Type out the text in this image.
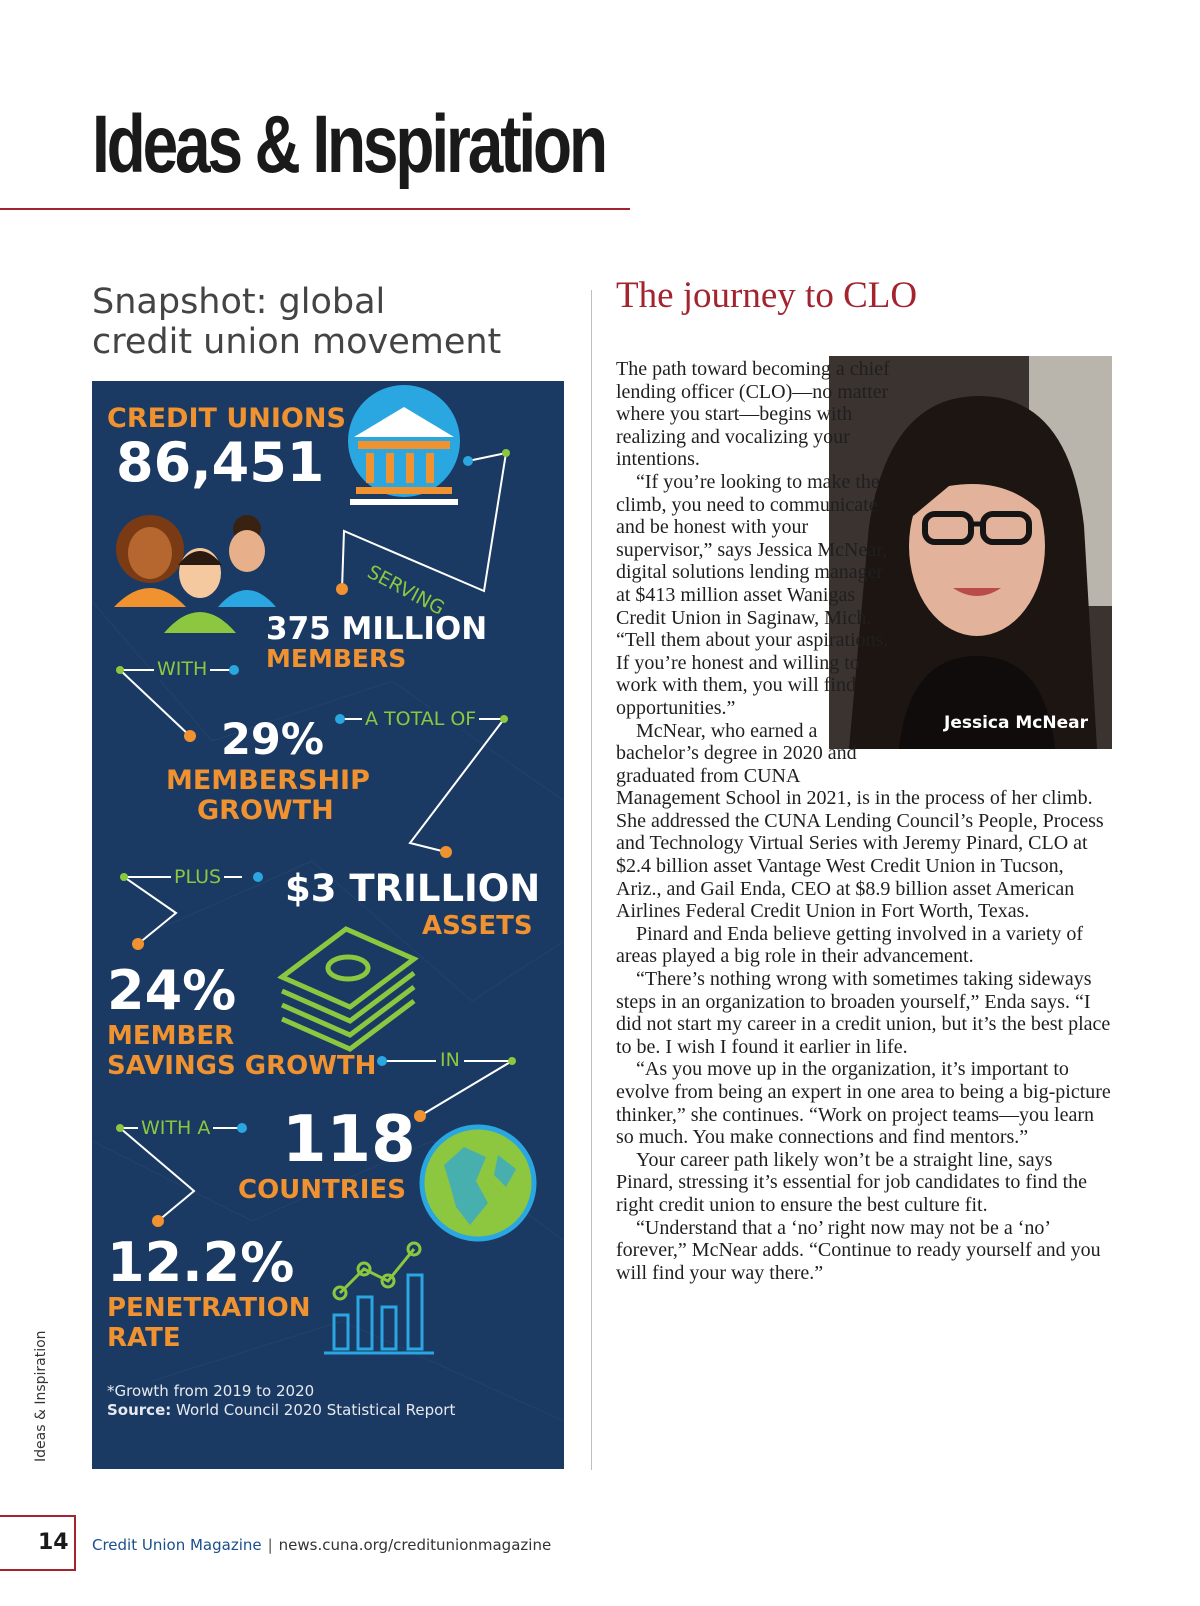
Ideas & Inspiration
Snapshot: global
credit union movement
CREDIT UNIONS
86,451
SERVING
375 MILLION
MEMBERS
WITH
A TOTAL OF
29%
MEMBERSHIP
GROWTH
PLUS $3 TRILLION
ASSETS
24%
MEMBER
SAVINGS GROWTH	IN
WITH A 118
COUNTRIES
12.2%
PENETRATION
RATE
*Growth from 2019 to 2020
Source: World Council 2020 Statistical Report
The journey to CLO
Jessica McNear

The path toward becoming a chief lending officer (CLO)—no matter where you start—begins with realizing and vocalizing your intentions.

“If you’re looking to make the climb, you need to communicate and be honest with your supervisor,” says Jessica McNear, digital solutions lending manager at $413 million asset Wanigas Credit Union in Saginaw, Mich. “Tell them about your aspirations. If you’re honest and willing to work with them, you will find opportunities.”

McNear, who earned a bachelor’s degree in 2020 and graduated from CUNA Management School in 2021, is in the process of her climb. She addressed the CUNA Lending Council’s People, Process and Technology Virtual Series with Jeremy Pinard, CLO at $2.4 billion asset Vantage West Credit Union in Tucson, Ariz., and Gail Enda, CEO at $8.9 billion asset American Airlines Federal Credit Union in Fort Worth, Texas.

Pinard and Enda believe getting involved in a variety of areas played a big role in their advancement.

“There’s nothing wrong with sometimes taking sideways steps in an organization to broaden yourself,” Enda says. “I did not start my career in a credit union, but it’s the best place to be. I wish I found it earlier in life.

“As you move up in the organization, it’s important to evolve from being an expert in one area to being a big-picture thinker,” she continues. “Work on project teams—you learn so much. You make connections and find mentors.”

Your career path likely won’t be a straight line, says Pinard, stressing it’s essential for job candidates to find the right credit union to ensure the best culture fit.

“Understand that a ‘no’ right now may not be a ‘no’ forever,” McNear adds. “Continue to ready yourself and you will find your way there.”

Ideas & Inspiration
14 Credit Union Magazine | news.cuna.org/creditunionmagazine
